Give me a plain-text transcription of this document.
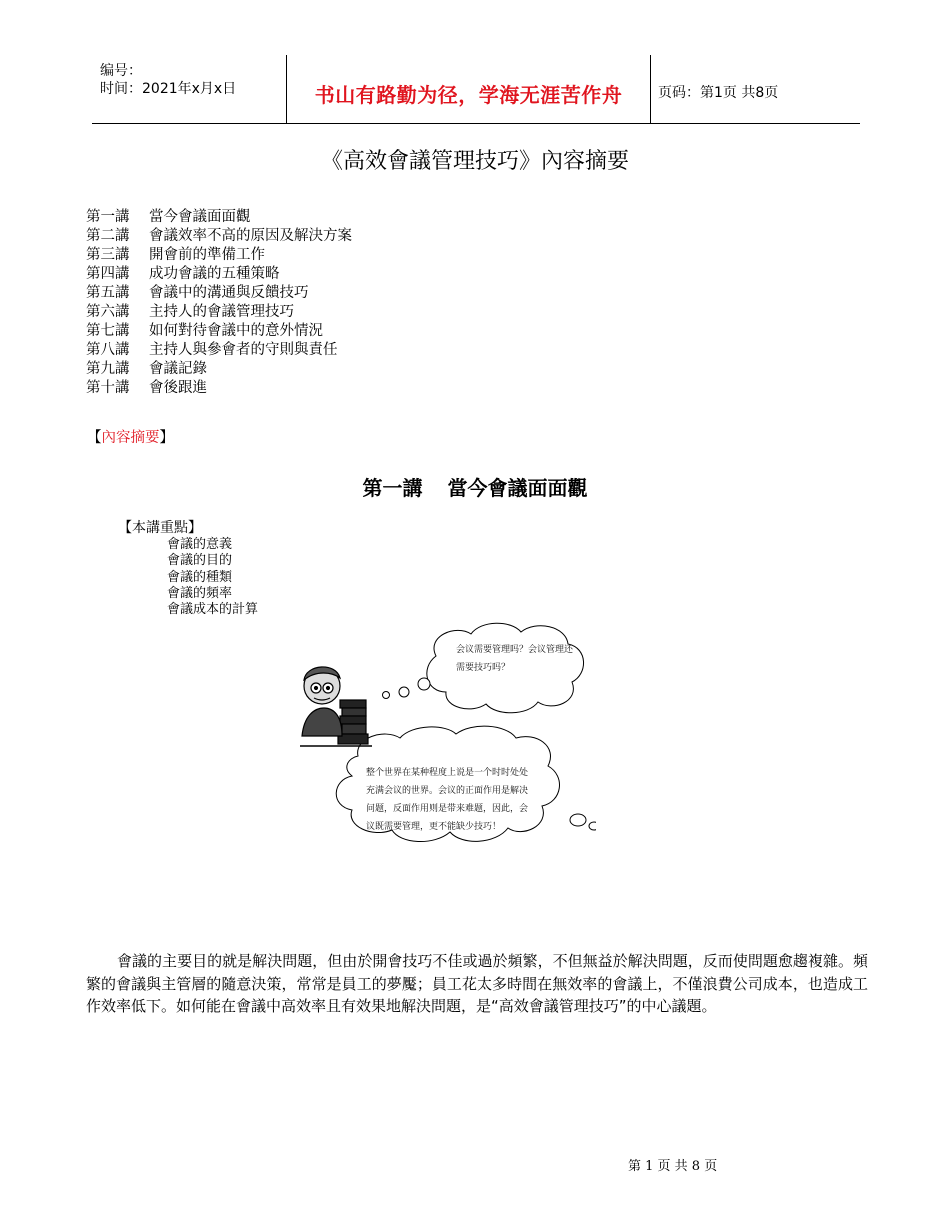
编号：
时间：2021年x月x日	书山有路勤为径，学海无涯苦作舟	页码：第1页 共8页
《高效會議管理技巧》內容摘要
第一講 當今會議面面觀
第二講 會議效率不高的原因及解決方案
第三講 開會前的準備工作
第四講 成功會議的五種策略
第五講 會議中的溝通與反饋技巧
第六講 主持人的會議管理技巧
第七講 如何對待會議中的意外情況
第八講 主持人與參會者的守則與責任
第九講 會議記錄
第十講 會後跟進
【內容摘要】
第一講 當今會議面面觀
【本講重點】
會議的意義
會議的目的
會議的種類
會議的頻率
會議成本的計算
会议需要管理吗？会议管理还需要技巧吗？
整个世界在某种程度上说是一个时时处处充满会议的世界。会议的正面作用是解决问题，反面作用则是带来难题，因此，会议既需要管理，更不能缺少技巧！
會議的主要目的就是解決問題，但由於開會技巧不佳或過於頻繁，不但無益於解決問題，反而使問題愈趨複雜。頻繁的會議與主管層的隨意決策，常常是員工的夢魘；員工花太多時間在無效率的會議上，不僅浪費公司成本，也造成工作效率低下。如何能在會議中高效率且有效果地解決問題，是“高效會議管理技巧”的中心議題。
第 1 页 共 8 页
